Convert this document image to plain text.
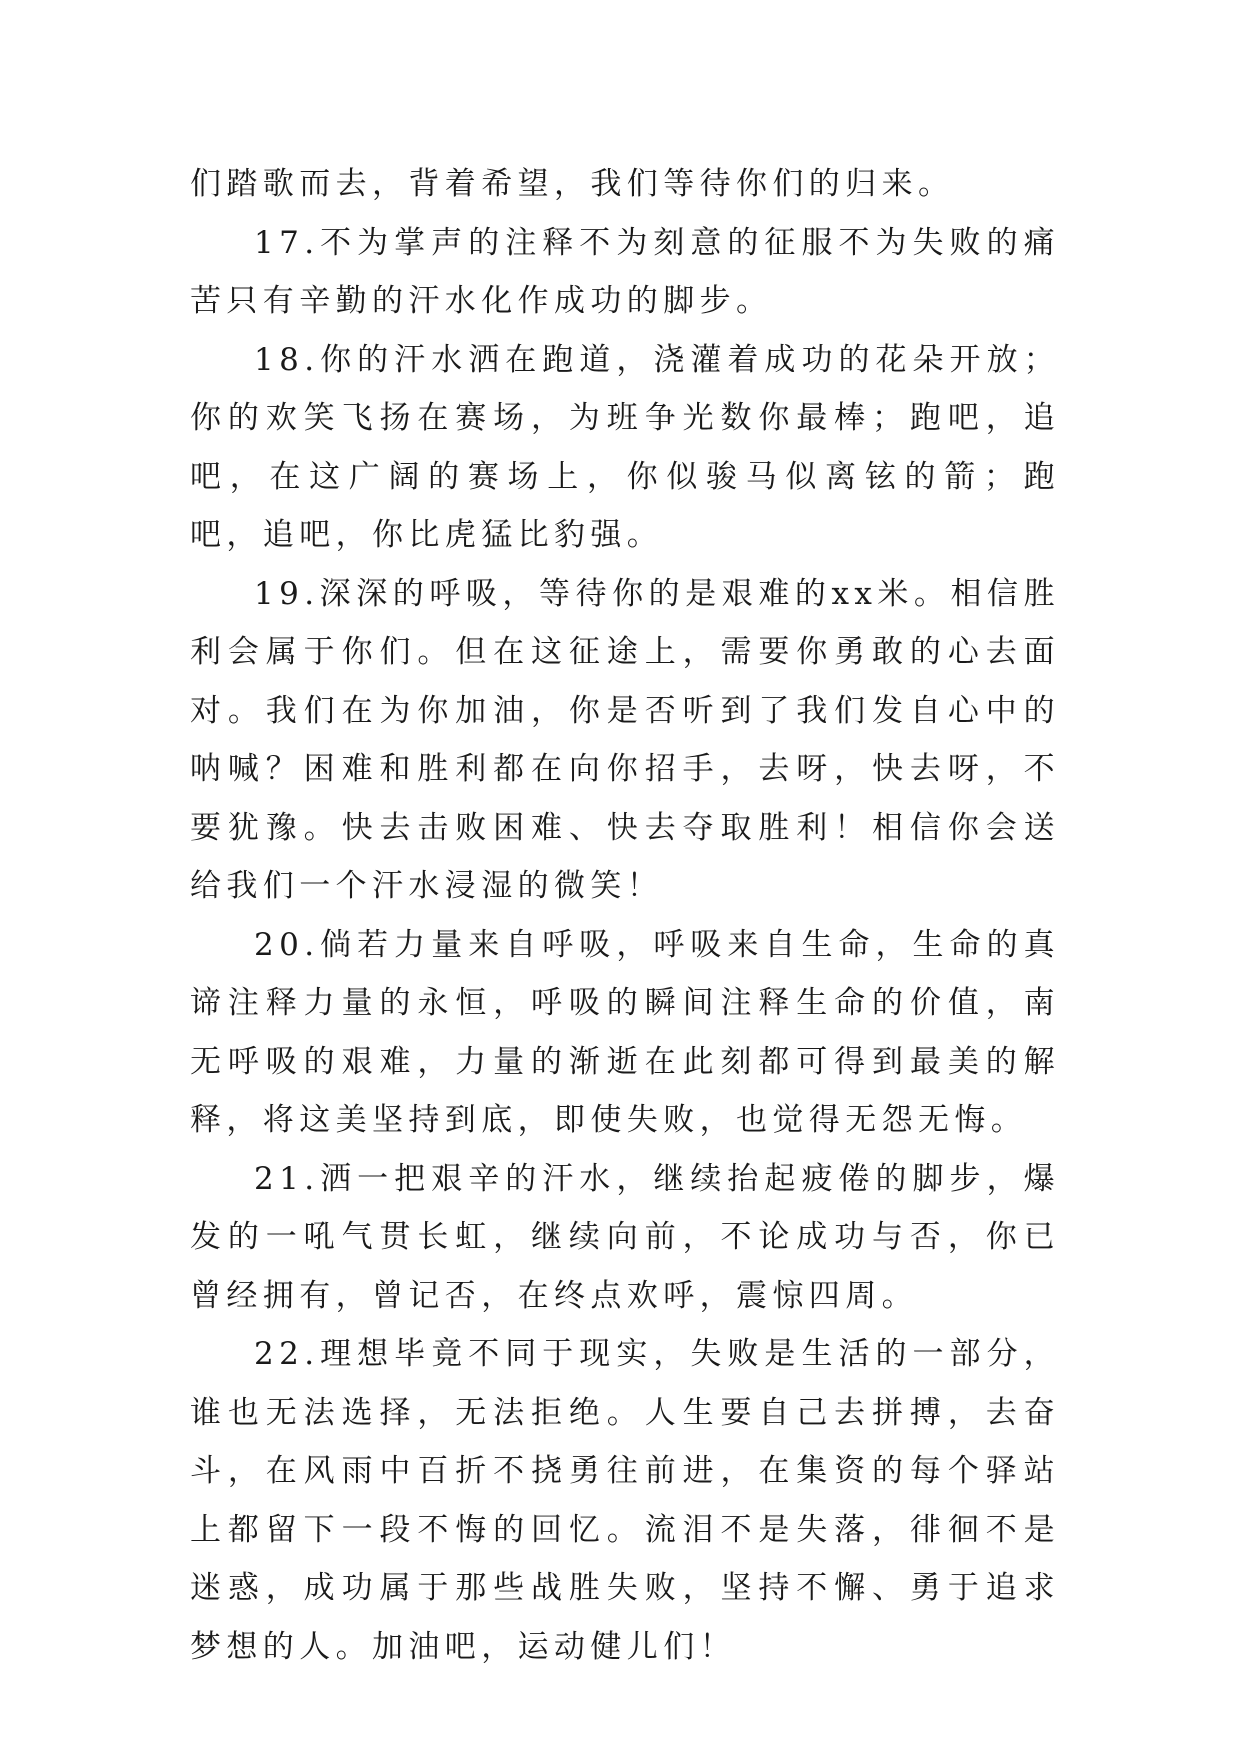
们踏歌而去，背着希望，我们等待你们的归来。

17.不为掌声的注释不为刻意的征服不为失败的痛苦只有辛勤的汗水化作成功的脚步。

18.你的汗水洒在跑道，浇灌着成功的花朵开放；你的欢笑飞扬在赛场，为班争光数你最棒；跑吧，追吧，在这广阔的赛场上，你似骏马似离铉的箭；跑吧，追吧，你比虎猛比豹强。

19.深深的呼吸，等待你的是艰难的xx米。相信胜利会属于你们。但在这征途上，需要你勇敢的心去面对。我们在为你加油，你是否听到了我们发自心中的呐喊？困难和胜利都在向你招手，去呀，快去呀，不要犹豫。快去击败困难、快去夺取胜利！相信你会送给我们一个汗水浸湿的微笑！

20.倘若力量来自呼吸，呼吸来自生命，生命的真谛注释力量的永恒，呼吸的瞬间注释生命的价值，南无呼吸的艰难，力量的渐逝在此刻都可得到最美的解释，将这美坚持到底，即使失败，也觉得无怨无悔。

21.洒一把艰辛的汗水，继续抬起疲倦的脚步，爆发的一吼气贯长虹，继续向前，不论成功与否，你已曾经拥有，曾记否，在终点欢呼，震惊四周。

22.理想毕竟不同于现实，失败是生活的一部分，谁也无法选择，无法拒绝。人生要自己去拼搏，去奋斗，在风雨中百折不挠勇往前进，在集资的每个驿站上都留下一段不悔的回忆。流泪不是失落，徘徊不是迷惑，成功属于那些战胜失败，坚持不懈、勇于追求梦想的人。加油吧，运动健儿们！
